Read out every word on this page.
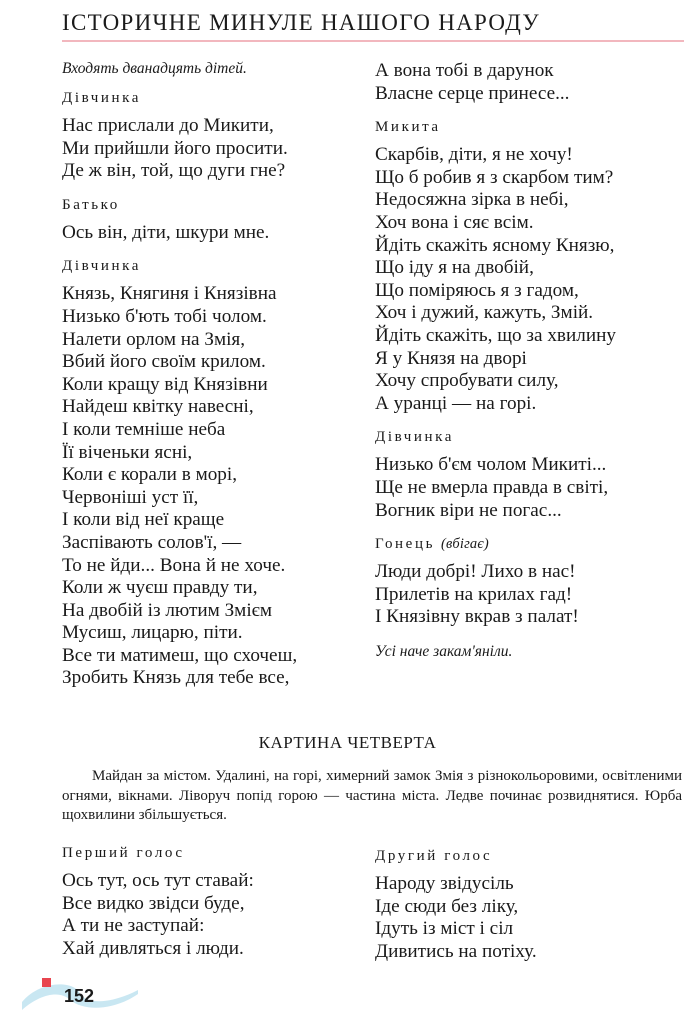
ІСТОРИЧНЕ МИНУЛЕ НАШОГО НАРОДУ
Входять дванадцять дітей.
Дівчинка
Нас прислали до Микити,
Ми прийшли його просити.
Де ж він, той, що дуги гне?
Батько
Ось він, діти, шкури мне.
Дівчинка
Князь, Княгиня і Князівна
Низько б'ють тобі чолом.
Налети орлом на Змія,
Вбий його своїм крилом.
Коли кращу від Князівни
Найдеш квітку навесні,
І коли темніше неба
Її віченьки ясні,
Коли є корали в морі,
Червоніші уст її,
І коли від неї краще
Заспівають солов'ї, —
То не йди... Вона й не хоче.
Коли ж чуєш правду ти,
На двобій із лютим Змієм
Мусиш, лицарю, піти.
Все ти матимеш, що схочеш,
Зробить Князь для тебе все,
А вона тобі в дарунок
Власне серце принесе...
Микита
Скарбів, діти, я не хочу!
Що б робив я з скарбом тим?
Недосяжна зірка в небі,
Хоч вона і сяє всім.
Йдіть скажіть ясному Князю,
Що іду я на двобій,
Що поміряюсь я з гадом,
Хоч і дужий, кажуть, Змій.
Йдіть скажіть, що за хвилину
Я у Князя на дворі
Хочу спробувати силу,
А уранці — на горі.
Дівчинка
Низько б'єм чолом Микиті...
Ще не вмерла правда в світі,
Вогник віри не погас...
Гонець (вбігає)
Люди добрі! Лихо в нас!
Прилетів на крилах гад!
І Князівну вкрав з палат!
Усі наче закам'яніли.
КАРТИНА ЧЕТВЕРТА
Майдан за містом. Удалині, на горі, химерний замок Змія з різнокольоровими, освітленими огнями, вікнами. Ліворуч попід горою — частина міста. Ледве починає розвиднятися. Юрба щохвилини збільшується.
Перший голос
Ось тут, ось тут ставай:
Все видко звідси буде,
А ти не заступай:
Хай дивляться і люди.
Другий голос
Народу звідусіль
Іде сюди без ліку,
Ідуть із міст і сіл
Дивитись на потіху.
152
